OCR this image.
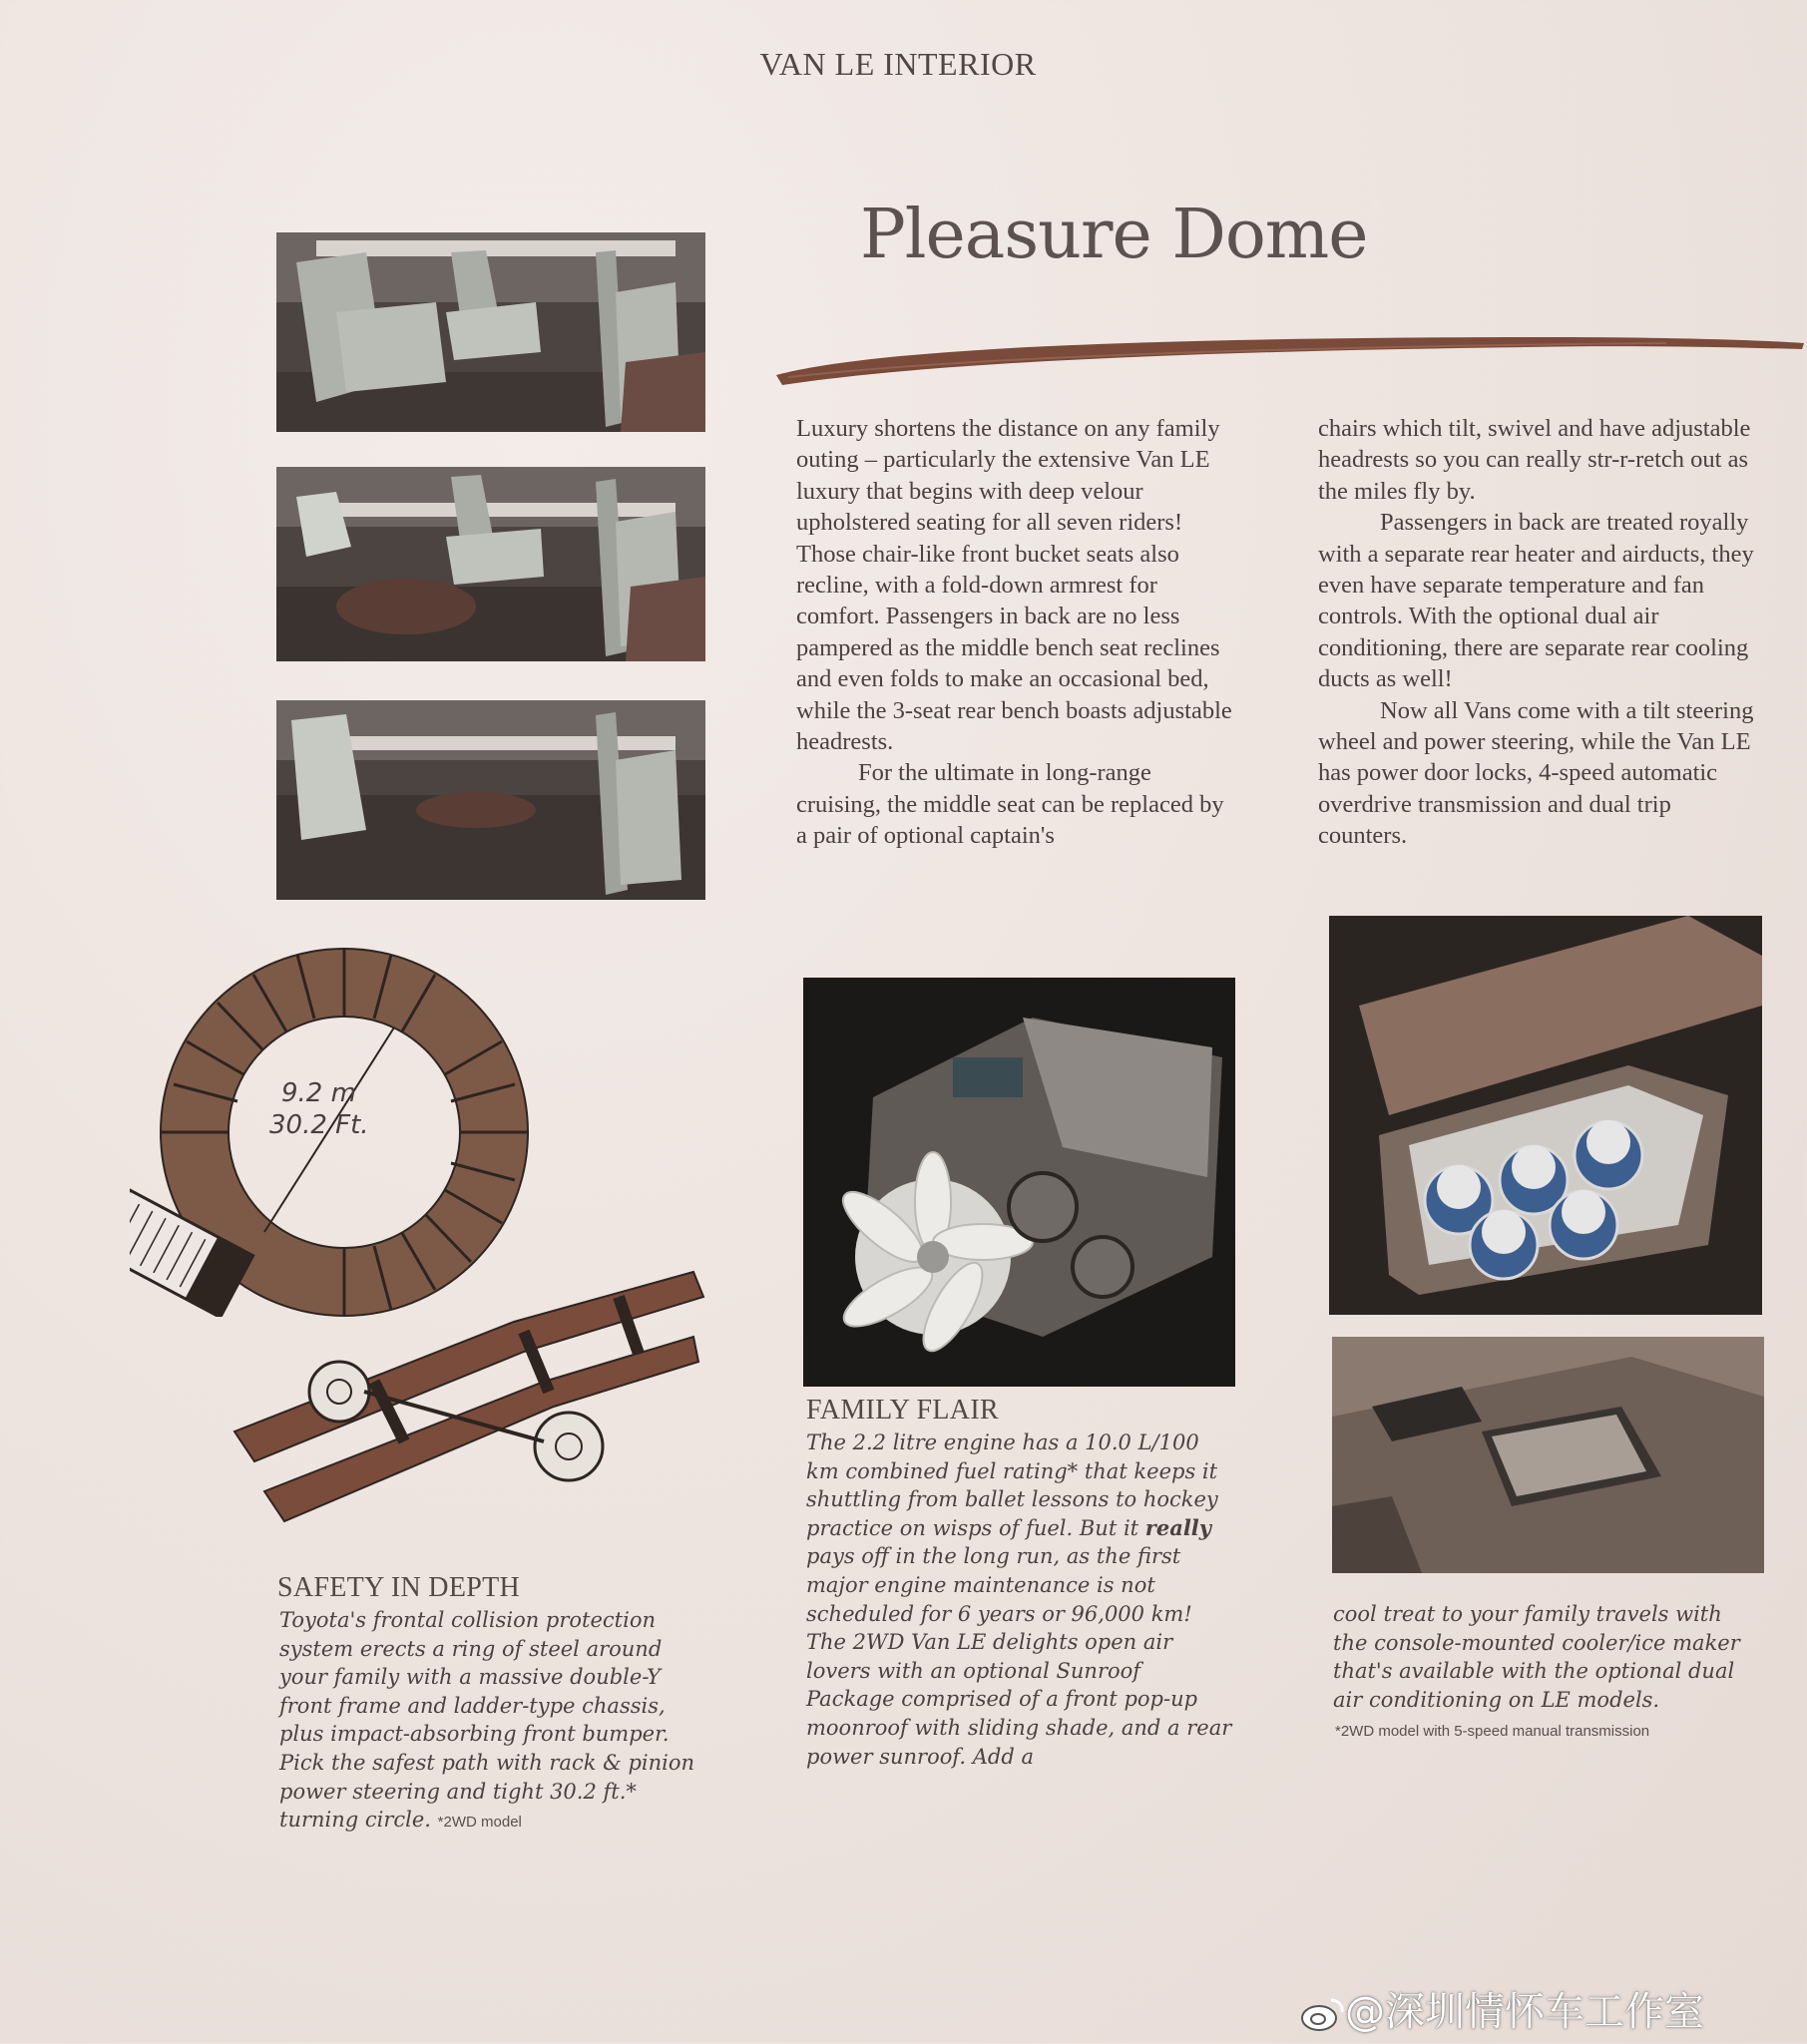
VAN LE INTERIOR
Pleasure Dome

Luxury shortens the distance on any family outing – particularly the extensive Van LE luxury that begins with deep velour upholstered seating for all seven riders! Those chair-like front bucket seats also recline, with a fold-down armrest for comfort. Passengers in back are no less pampered as the middle bench seat reclines and even folds to make an occasional bed, while the 3-seat rear bench boasts adjustable headrests.

For the ultimate in long-range cruising, the middle seat can be replaced by a pair of optional captain's

chairs which tilt, swivel and have adjustable headrests so you can really str-r-retch out as the miles fly by.

Passengers in back are treated royally with a separate rear heater and airducts, they even have separate temperature and fan controls. With the optional dual air conditioning, there are separate rear cooling ducts as well!

Now all Vans come with a tilt steering wheel and power steering, while the Van LE has power door locks, 4-speed automatic overdrive transmission and dual trip counters.

9.2 m
30.2 Ft.
SAFETY IN DEPTH

Toyota's frontal collision protection system erects a ring of steel around your family with a massive double-Y front frame and ladder-type chassis, plus impact-absorbing front bumper. Pick the safest path with rack & pinion power steering and tight 30.2 ft.* turning circle. *2WD model

FAMILY FLAIR

The 2.2 litre engine has a 10.0 L/100 km combined fuel rating* that keeps it shuttling from ballet lessons to hockey practice on wisps of fuel. But it really pays off in the long run, as the first major engine maintenance is not scheduled for 6 years or 96,000 km! The 2WD Van LE delights open air lovers with an optional Sunroof Package comprised of a front pop-up moonroof with sliding shade, and a rear power sunroof. Add a

cool treat to your family travels with the console-mounted cooler/ice maker that's available with the optional dual air conditioning on LE models.

*2WD model with 5-speed manual transmission
@深圳情怀车工作室
